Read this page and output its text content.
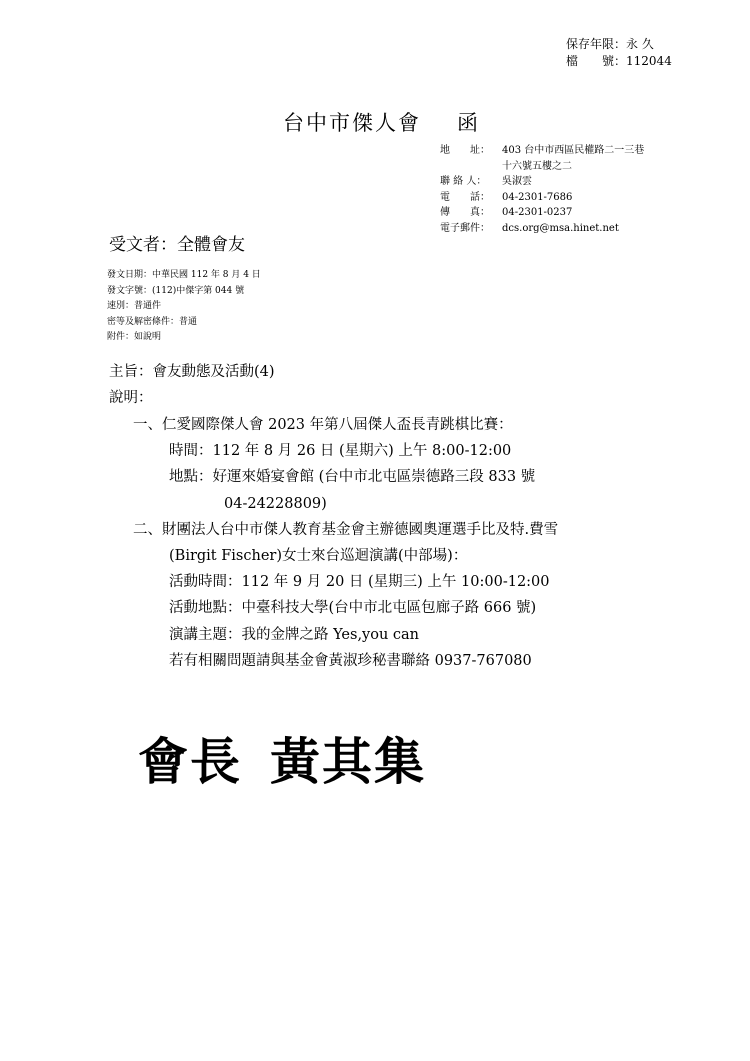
保存年限：永 久
檔　　號：112044
台中市傑人會 函
地　　址：	403 台中市西區民權路二一三巷
十六號五樓之二
聯 絡 人：	吳淑雲
電　　話：	04-2301-7686
傳　　真：	04-2301-0237
電子郵件：	dcs.org@msa.hinet.net
受文者：全體會友
發文日期：中華民國 112 年 8 月 4 日
發文字號：(112)中傑字第 044 號
速別：普通件
密等及解密條件：普通
附件：如說明
主旨：會友動態及活動(4)
說明：
一、仁愛國際傑人會 2023 年第八屆傑人盃長青跳棋比賽：
時間：112 年 8 月 26 日 (星期六) 上午 8:00-12:00
地點：好運來婚宴會館 (台中市北屯區崇德路三段 833 號
04-24228809)
二、財團法人台中市傑人教育基金會主辦德國奧運選手比及特.費雪
(Birgit Fischer)女士來台巡迴演講(中部場)：
活動時間：112 年 9 月 20 日 (星期三) 上午 10:00-12:00
活動地點：中臺科技大學(台中市北屯區包廊子路 666 號)
演講主題：我的金牌之路 Yes,you can
若有相關問題請與基金會黃淑珍秘書聯絡 0937-767080
會長 黃其集
